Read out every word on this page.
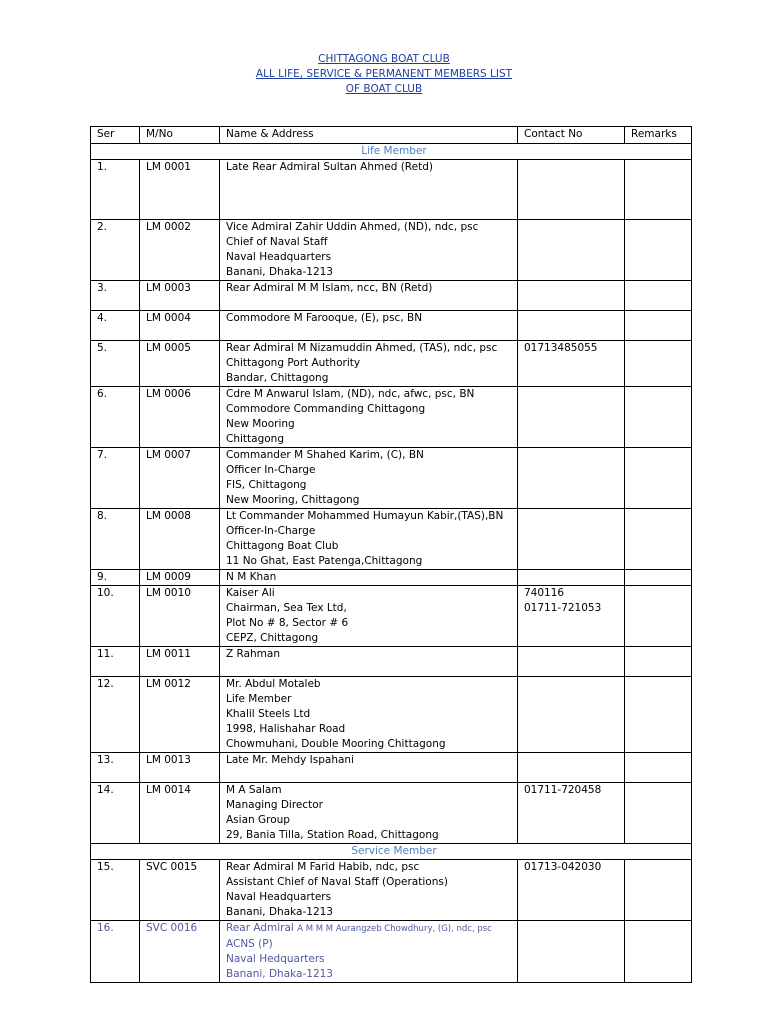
CHITTAGONG BOAT CLUB
ALL LIFE, SERVICE & PERMANENT MEMBERS LIST
OF BOAT CLUB
Ser	M/No	Name & Address	Contact No	Remarks
Life Member				
1.	LM 0001	Late Rear Admiral Sultan Ahmed (Retd)		

2.	LM 0002	Vice Admiral Zahir Uddin Ahmed, (ND), ndc, psc
Chief of Naval Staff
Naval Headquarters
Banani, Dhaka-1213		

3.	LM 0003	Rear Admiral M M Islam, ncc, BN (Retd)		

4.	LM 0004	Commodore M Farooque, (E), psc, BN		

5.	LM 0005	Rear Admiral M Nizamuddin Ahmed, (TAS), ndc, psc
Chittagong Port Authority
Bandar, Chittagong	01713485055	

6.	LM 0006	Cdre M Anwarul Islam, (ND), ndc, afwc, psc, BN
Commodore Commanding Chittagong
New Mooring
Chittagong		

7.	LM 0007	Commander M Shahed Karim, (C), BN
Officer In-Charge
FIS, Chittagong
New Mooring, Chittagong		

8.	LM 0008	Lt Commander Mohammed Humayun Kabir,(TAS),BN
Officer-In-Charge
Chittagong Boat Club
11 No Ghat, East Patenga,Chittagong		

9.	LM 0009	N M Khan		

10.	LM 0010	Kaiser Ali
Chairman, Sea Tex Ltd,
Plot No # 8, Sector # 6
CEPZ, Chittagong	740116
01711-721053	

11.	LM 0011	Z Rahman		

12.	LM 0012	Mr. Abdul Motaleb
Life Member
Khalil Steels Ltd
1998, Halishahar Road
Chowmuhani, Double Mooring Chittagong		

13.	LM 0013	Late Mr. Mehdy Ispahani		

14.	LM 0014	M A Salam
Managing Director
Asian Group
29, Bania Tilla, Station Road, Chittagong	01711-720458	

Service Member				
15.	SVC 0015	Rear Admiral M Farid Habib, ndc, psc
Assistant Chief of Naval Staff (Operations)
Naval Headquarters
Banani, Dhaka-1213	01713-042030	

16.	SVC 0016	Rear Admiral A M M M Aurangzeb Chowdhury, (G), ndc, psc
ACNS (P)
Naval Hedquarters
Banani, Dhaka-1213		
